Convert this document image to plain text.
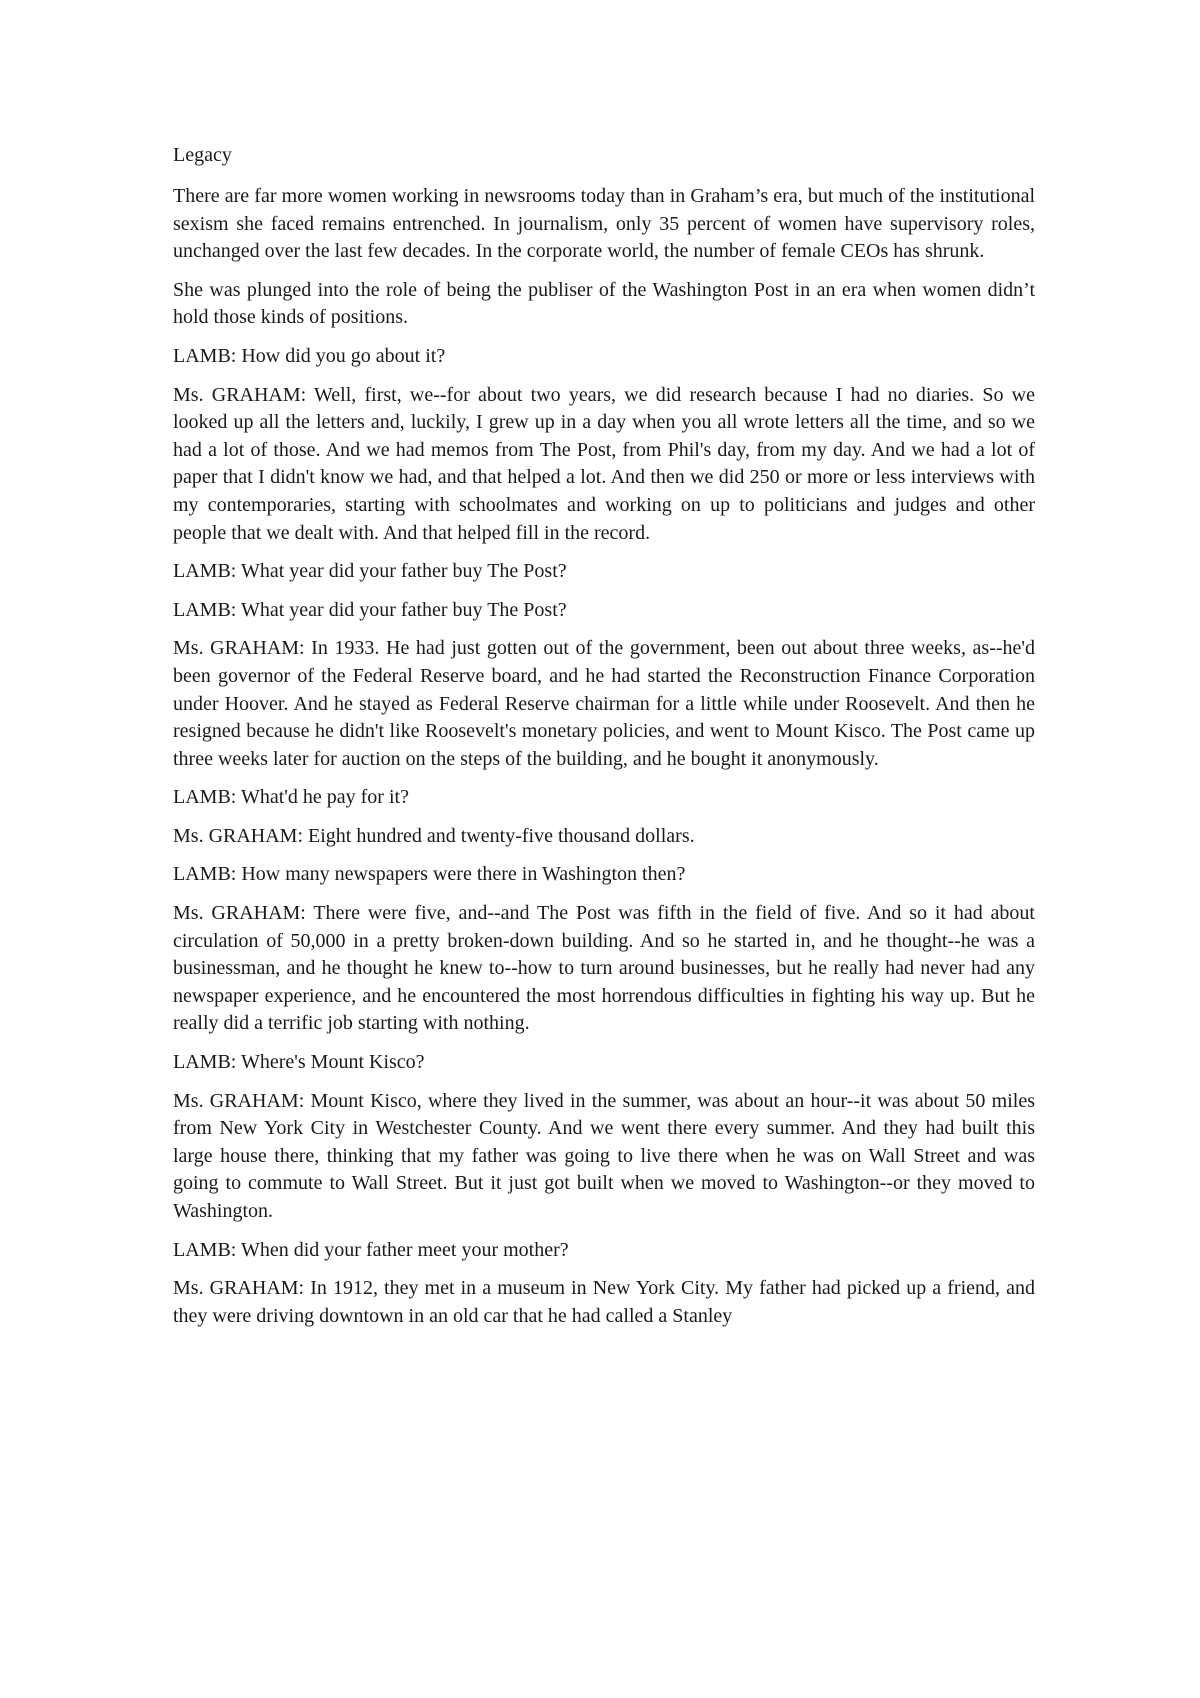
Legacy

There are far more women working in newsrooms today than in Graham’s era, but much of the institutional sexism she faced remains entrenched. In journalism, only 35 percent of women have supervisory roles, unchanged over the last few decades. In the corporate world, the number of female CEOs has shrunk.

She was plunged into the role of being the publiser of the Washington Post in an era when women didn’t hold those kinds of positions.

LAMB: How did you go about it?

Ms. GRAHAM: Well, first, we--for about two years, we did research because I had no diaries. So we looked up all the letters and, luckily, I grew up in a day when you all wrote letters all the time, and so we had a lot of those. And we had memos from The Post, from Phil's day, from my day. And we had a lot of paper that I didn't know we had, and that helped a lot. And then we did 250 or more or less interviews with my contemporaries, starting with schoolmates and working on up to politicians and judges and other people that we dealt with. And that helped fill in the record.

LAMB: What year did your father buy The Post?

LAMB: What year did your father buy The Post?

Ms. GRAHAM: In 1933. He had just gotten out of the government, been out about three weeks, as--he'd been governor of the Federal Reserve board, and he had started the Reconstruction Finance Corporation under Hoover. And he stayed as Federal Reserve chairman for a little while under Roosevelt. And then he resigned because he didn't like Roosevelt's monetary policies, and went to Mount Kisco. The Post came up three weeks later for auction on the steps of the building, and he bought it anonymously.

LAMB: What'd he pay for it?

Ms. GRAHAM: Eight hundred and twenty-five thousand dollars.

LAMB: How many newspapers were there in Washington then?

Ms. GRAHAM: There were five, and--and The Post was fifth in the field of five. And so it had about circulation of 50,000 in a pretty broken-down building. And so he started in, and he thought--he was a businessman, and he thought he knew to--how to turn around businesses, but he really had never had any newspaper experience, and he encountered the most horrendous difficulties in fighting his way up. But he really did a terrific job starting with nothing.

LAMB: Where's Mount Kisco?

Ms. GRAHAM: Mount Kisco, where they lived in the summer, was about an hour--it was about 50 miles from New York City in Westchester County. And we went there every summer. And they had built this large house there, thinking that my father was going to live there when he was on Wall Street and was going to commute to Wall Street. But it just got built when we moved to Washington--or they moved to Washington.

LAMB: When did your father meet your mother?

Ms. GRAHAM: In 1912, they met in a museum in New York City. My father had picked up a friend, and they were driving downtown in an old car that he had called a Stanley
